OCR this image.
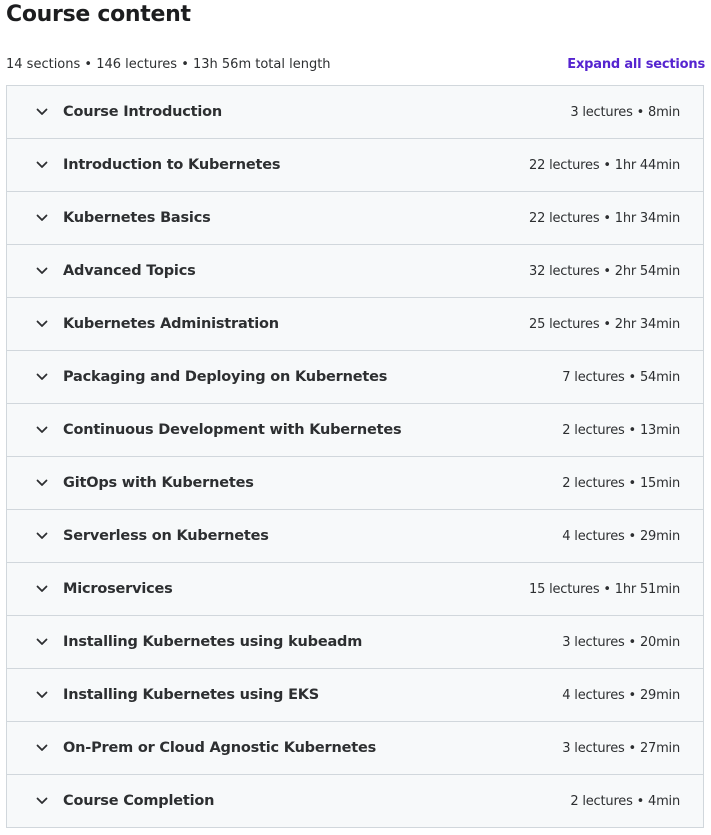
Course content
14 sections • 146 lectures • 13h 56m total length	Expand all sections
Course Introduction	3 lectures • 8min
Introduction to Kubernetes	22 lectures • 1hr 44min
Kubernetes Basics	22 lectures • 1hr 34min
Advanced Topics	32 lectures • 2hr 54min
Kubernetes Administration	25 lectures • 2hr 34min
Packaging and Deploying on Kubernetes	7 lectures • 54min
Continuous Development with Kubernetes	2 lectures • 13min
GitOps with Kubernetes	2 lectures • 15min
Serverless on Kubernetes	4 lectures • 29min
Microservices	15 lectures • 1hr 51min
Installing Kubernetes using kubeadm	3 lectures • 20min
Installing Kubernetes using EKS	4 lectures • 29min
On-Prem or Cloud Agnostic Kubernetes	3 lectures • 27min
Course Completion	2 lectures • 4min
